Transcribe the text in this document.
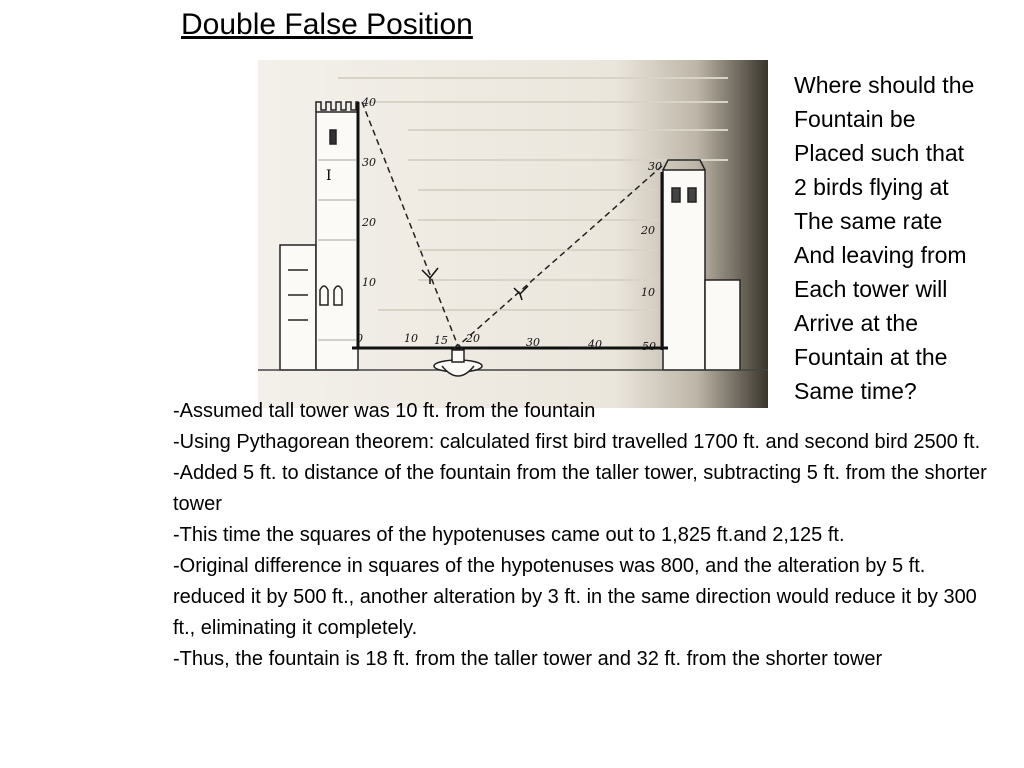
Double False Position
I
40
30
20
10
30
20
10
0	10 15 20	30	40	50
Where should the
Fountain be
Placed such that
2 birds flying at
The same rate
And leaving from
Each tower will
Arrive at the
Fountain at the
Same time?

-Assumed tall tower was 10 ft. from the fountain

-Using Pythagorean theorem: calculated first bird travelled 1700 ft. and second bird 2500 ft.

-Added 5 ft. to distance of the fountain from the taller tower, subtracting 5 ft. from the shorter tower

-This time the squares of the hypotenuses came out to 1,825 ft.and 2,125 ft.

-Original difference in squares of the hypotenuses was 800, and the alteration by 5 ft. reduced it by 500 ft., another alteration by 3 ft. in the same direction would reduce it by 300 ft., eliminating it completely.

-Thus, the fountain is 18 ft. from the taller tower and 32 ft. from the shorter tower
